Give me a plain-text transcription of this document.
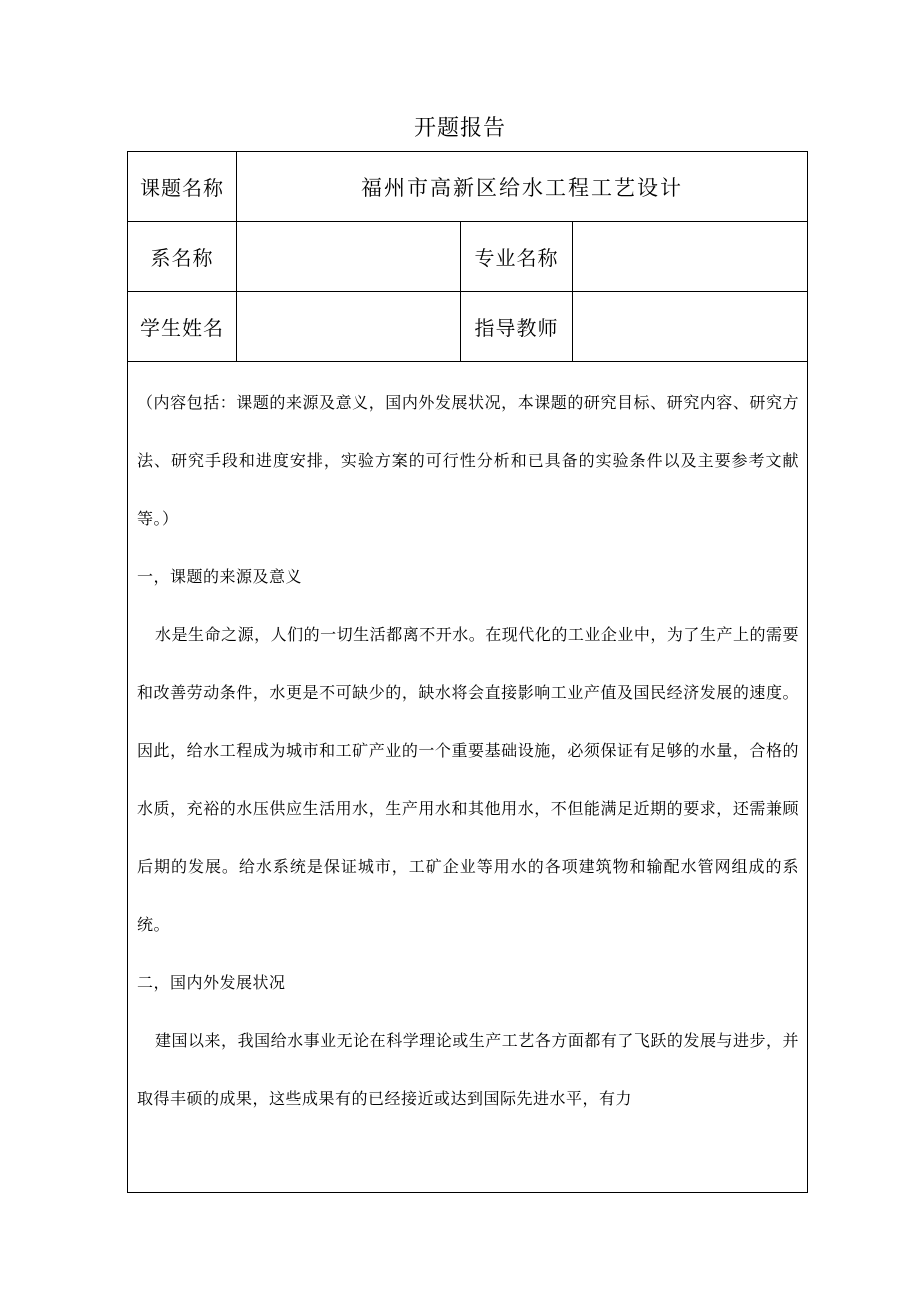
开题报告
课题名称	福州市高新区给水工程工艺设计		
系名称		专业名称	
学生姓名		指导教师	

（内容包括：课题的来源及意义，国内外发展状况，本课题的研究目标、研究内容、研究方法、研究手段和进度安排，实验方案的可行性分析和已具备的实验条件以及主要参考文献等。）

一，课题的来源及意义

水是生命之源，人们的一切生活都离不开水。在现代化的工业企业中，为了生产上的需要和改善劳动条件，水更是不可缺少的，缺水将会直接影响工业产值及国民经济发展的速度。因此，给水工程成为城市和工矿产业的一个重要基础设施，必须保证有足够的水量，合格的水质，充裕的水压供应生活用水，生产用水和其他用水，不但能满足近期的要求，还需兼顾后期的发展。给水系统是保证城市，工矿企业等用水的各项建筑物和输配水管网组成的系统。

二，国内外发展状况

建国以来，我国给水事业无论在科学理论或生产工艺各方面都有了飞跃的发展与进步，并取得丰硕的成果，这些成果有的已经接近或达到国际先进水平，有力			
